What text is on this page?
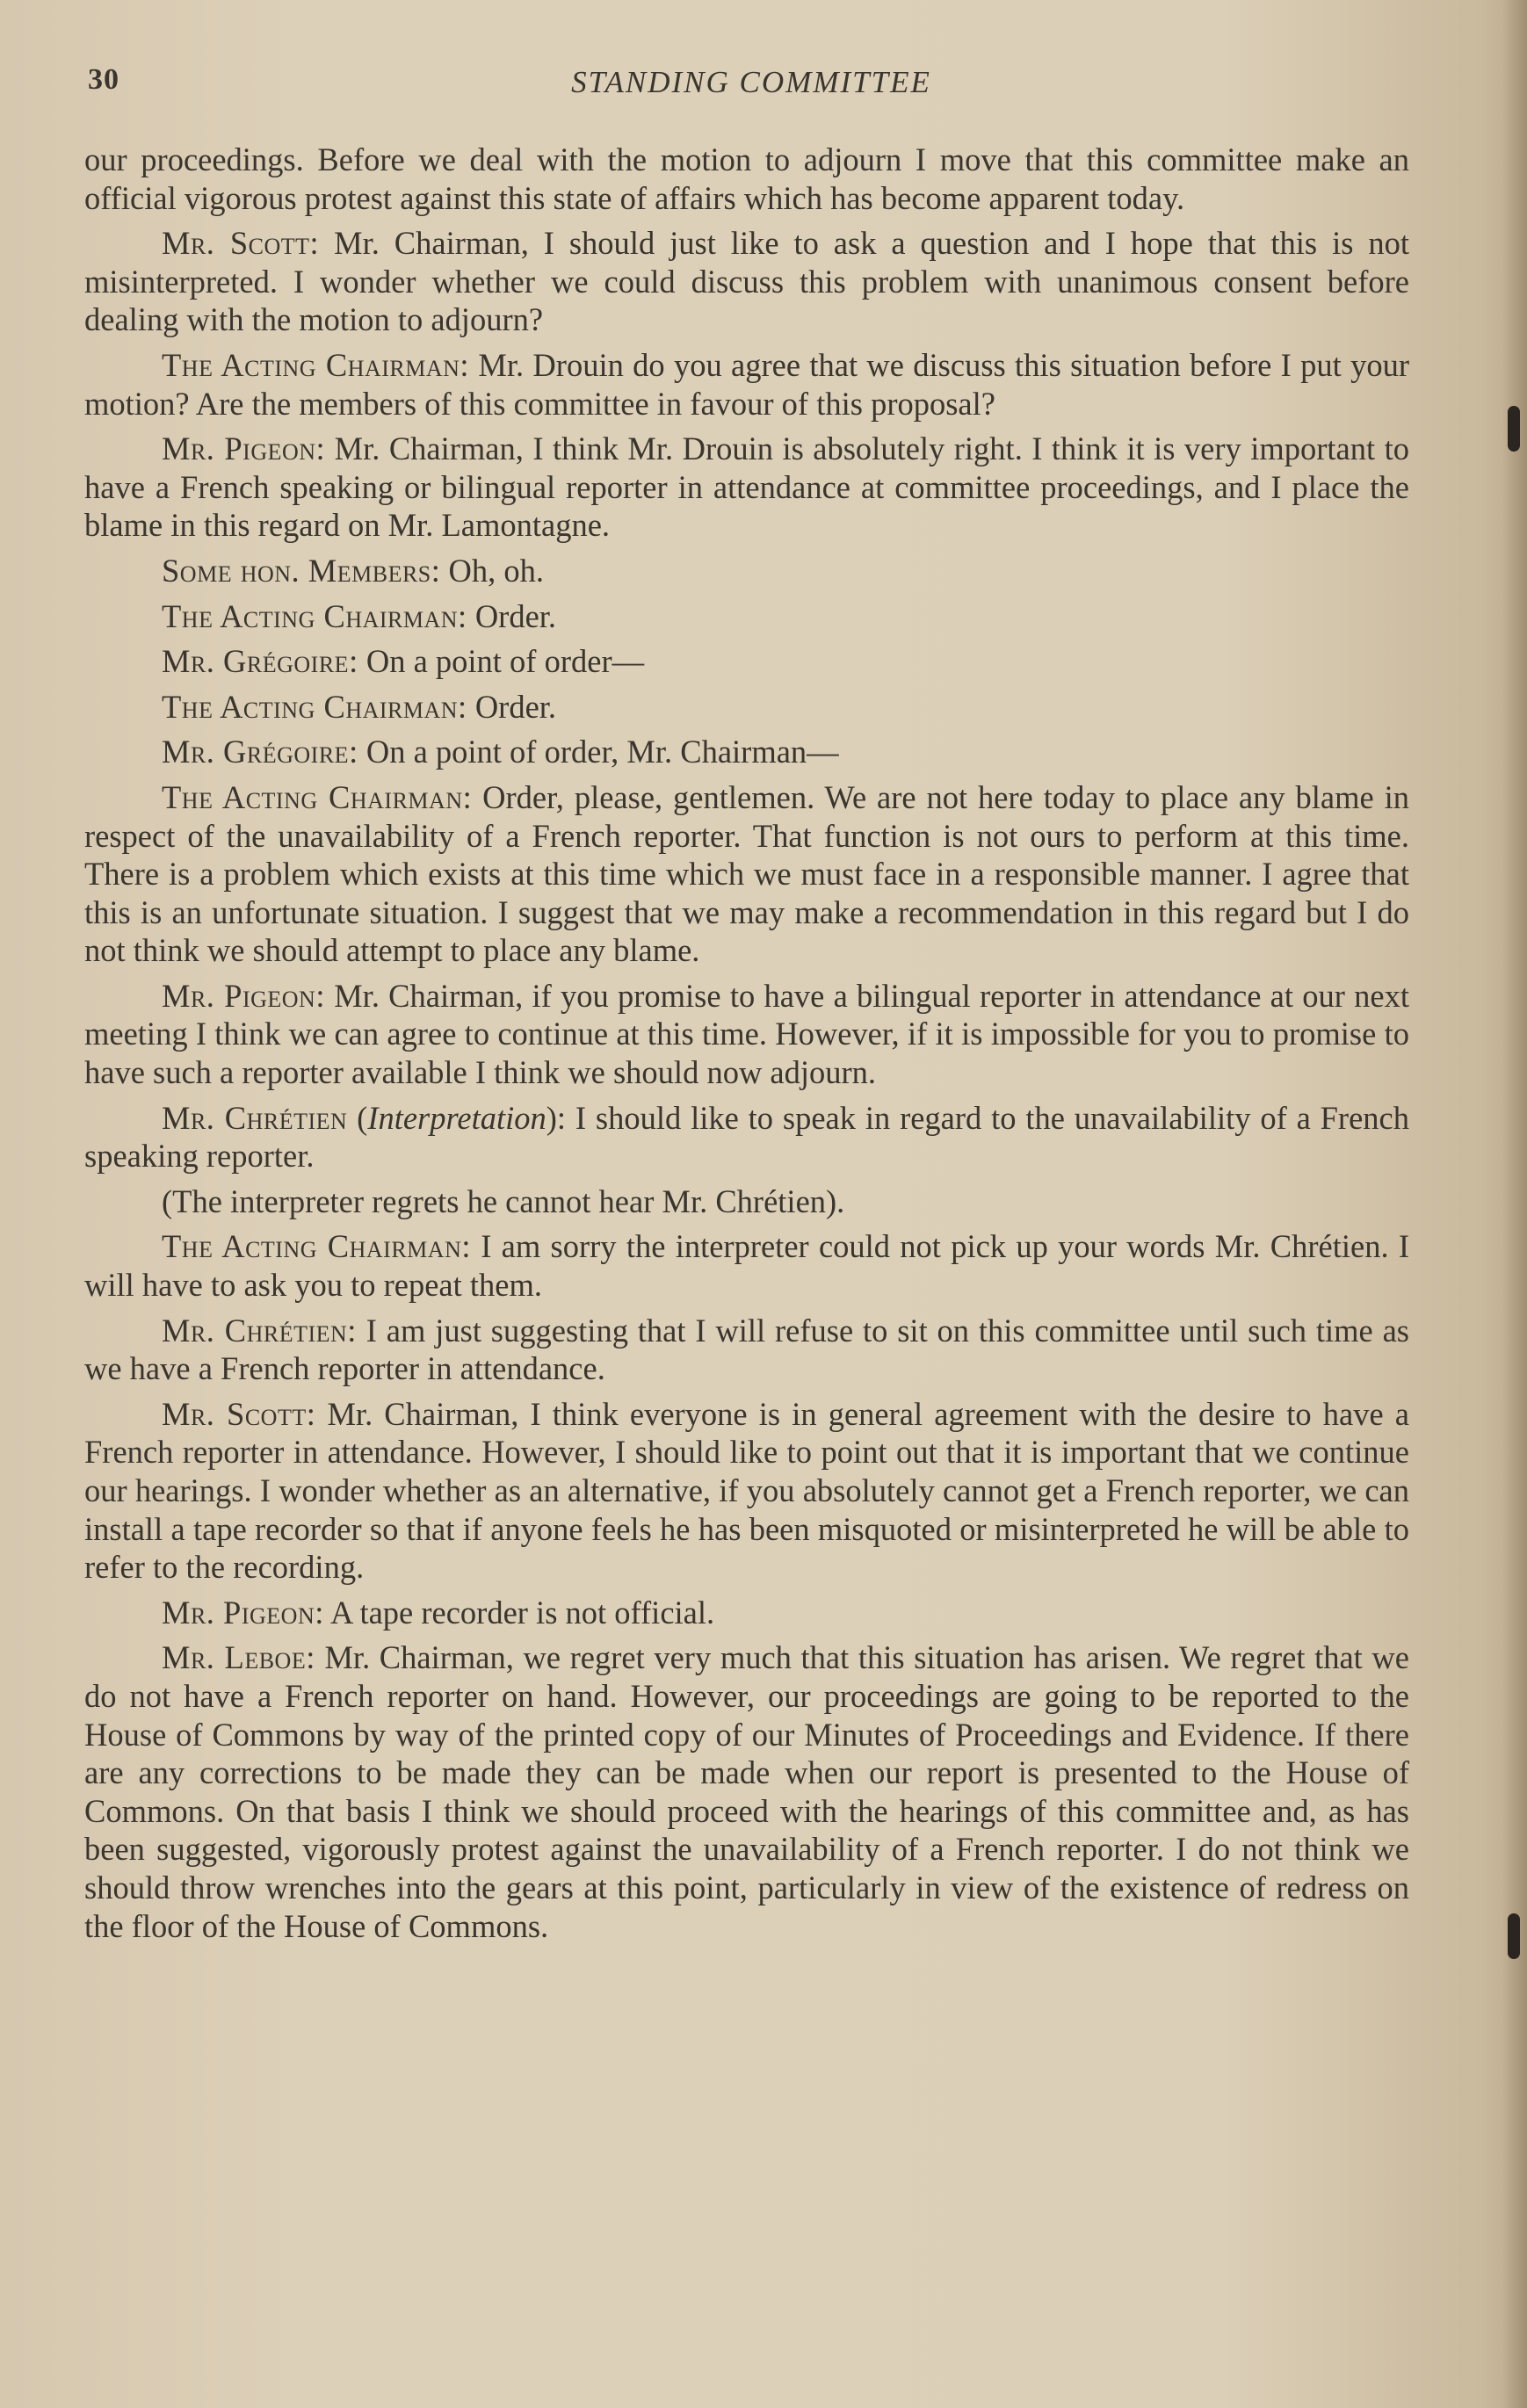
30	STANDING COMMITTEE

our proceedings. Before we deal with the motion to adjourn I move that this committee make an official vigorous protest against this state of affairs which has become apparent today.

Mr. Scott: Mr. Chairman, I should just like to ask a question and I hope that this is not misinterpreted. I wonder whether we could discuss this problem with unanimous consent before dealing with the motion to adjourn?

The Acting Chairman: Mr. Drouin do you agree that we discuss this situation before I put your motion? Are the members of this committee in favour of this proposal?

Mr. Pigeon: Mr. Chairman, I think Mr. Drouin is absolutely right. I think it is very important to have a French speaking or bilingual reporter in attendance at committee proceedings, and I place the blame in this regard on Mr. Lamontagne.

Some hon. Members: Oh, oh.

The Acting Chairman: Order.

Mr. Grégoire: On a point of order—

The Acting Chairman: Order.

Mr. Grégoire: On a point of order, Mr. Chairman—

The Acting Chairman: Order, please, gentlemen. We are not here today to place any blame in respect of the unavailability of a French reporter. That function is not ours to perform at this time. There is a problem which exists at this time which we must face in a responsible manner. I agree that this is an unfortunate situation. I suggest that we may make a recommendation in this regard but I do not think we should attempt to place any blame.

Mr. Pigeon: Mr. Chairman, if you promise to have a bilingual reporter in attendance at our next meeting I think we can agree to continue at this time. However, if it is impossible for you to promise to have such a reporter available I think we should now adjourn.

Mr. Chrétien (Interpretation): I should like to speak in regard to the unavailability of a French speaking reporter.

(The interpreter regrets he cannot hear Mr. Chrétien).

The Acting Chairman: I am sorry the interpreter could not pick up your words Mr. Chrétien. I will have to ask you to repeat them.

Mr. Chrétien: I am just suggesting that I will refuse to sit on this committee until such time as we have a French reporter in attendance.

Mr. Scott: Mr. Chairman, I think everyone is in general agreement with the desire to have a French reporter in attendance. However, I should like to point out that it is important that we continue our hearings. I wonder whether as an alternative, if you absolutely cannot get a French reporter, we can install a tape recorder so that if anyone feels he has been misquoted or misinterpreted he will be able to refer to the recording.

Mr. Pigeon: A tape recorder is not official.

Mr. Leboe: Mr. Chairman, we regret very much that this situation has arisen. We regret that we do not have a French reporter on hand. However, our proceedings are going to be reported to the House of Commons by way of the printed copy of our Minutes of Proceedings and Evidence. If there are any corrections to be made they can be made when our report is presented to the House of Commons. On that basis I think we should proceed with the hearings of this committee and, as has been suggested, vigorously protest against the unavailability of a French reporter. I do not think we should throw wrenches into the gears at this point, particularly in view of the existence of redress on the floor of the House of Commons.
